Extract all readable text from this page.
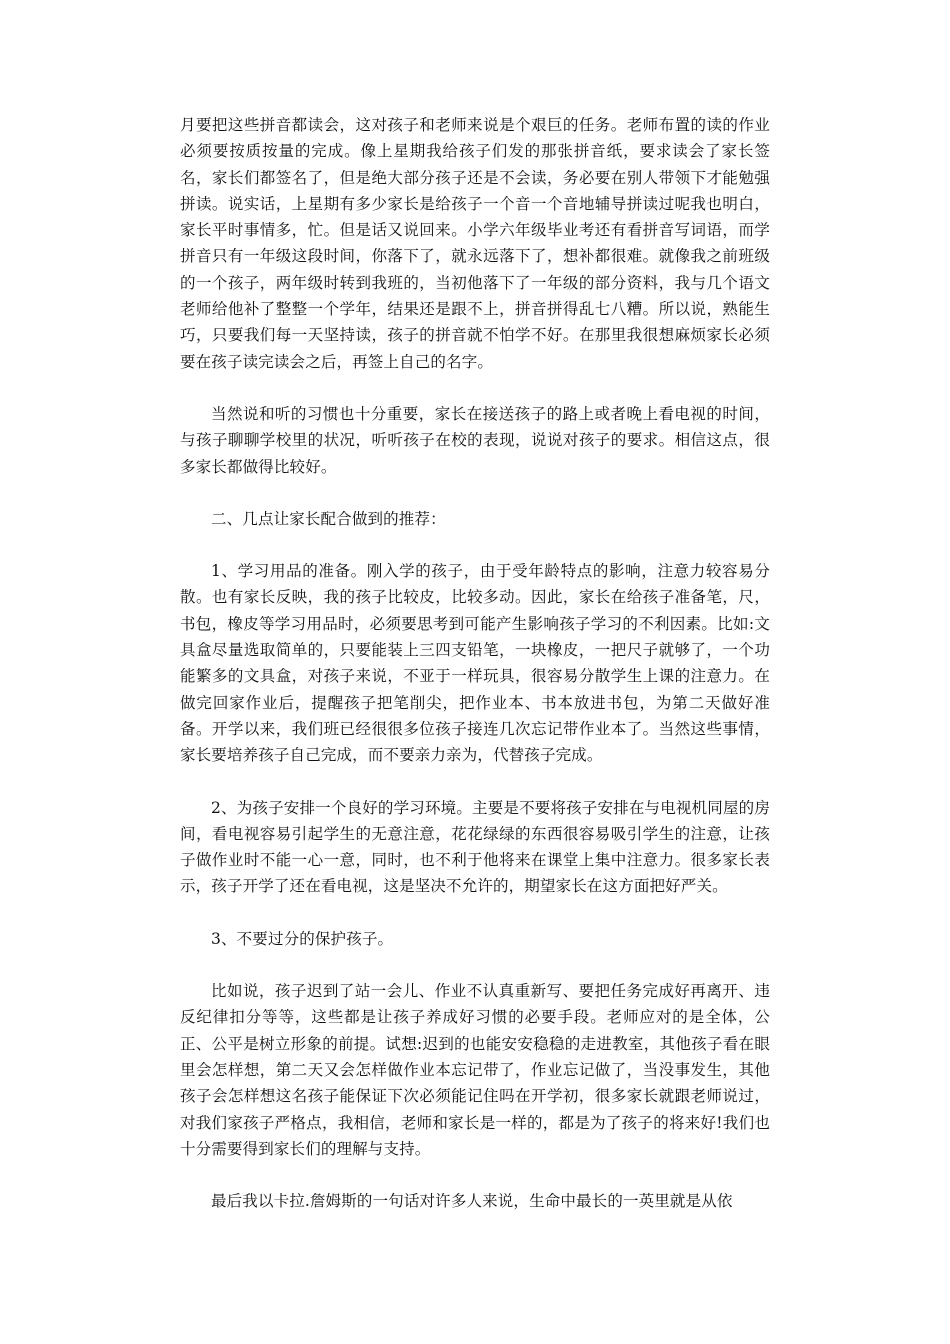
月要把这些拼音都读会，这对孩子和老师来说是个艰巨的任务。老师布置的读的作业必须要按质按量的完成。像上星期我给孩子们发的那张拼音纸，要求读会了家长签名，家长们都签名了，但是绝大部分孩子还是不会读，务必要在别人带领下才能勉强拼读。说实话，上星期有多少家长是给孩子一个音一个音地辅导拼读过呢我也明白，家长平时事情多，忙。但是话又说回来。小学六年级毕业考还有看拼音写词语，而学拼音只有一年级这段时间，你落下了，就永远落下了，想补都很难。就像我之前班级的一个孩子，两年级时转到我班的，当初他落下了一年级的部分资料，我与几个语文老师给他补了整整一个学年，结果还是跟不上，拼音拼得乱七八糟。所以说，熟能生巧，只要我们每一天坚持读，孩子的拼音就不怕学不好。在那里我很想麻烦家长必须要在孩子读完读会之后，再签上自己的名字。

当然说和听的习惯也十分重要，家长在接送孩子的路上或者晚上看电视的时间，与孩子聊聊学校里的状况，听听孩子在校的表现，说说对孩子的要求。相信这点，很多家长都做得比较好。

二、几点让家长配合做到的推荐：

1、学习用品的准备。刚入学的孩子，由于受年龄特点的影响，注意力较容易分散。也有家长反映，我的孩子比较皮，比较多动。因此，家长在给孩子准备笔，尺，书包，橡皮等学习用品时，必须要思考到可能产生影响孩子学习的不利因素。比如:文具盒尽量选取简单的，只要能装上三四支铅笔，一块橡皮，一把尺子就够了，一个功能繁多的文具盒，对孩子来说，不亚于一样玩具，很容易分散学生上课的注意力。在做完回家作业后，提醒孩子把笔削尖，把作业本、书本放进书包，为第二天做好准备。开学以来，我们班已经很很多位孩子接连几次忘记带作业本了。当然这些事情，家长要培养孩子自己完成，而不要亲力亲为，代替孩子完成。

2、为孩子安排一个良好的学习环境。主要是不要将孩子安排在与电视机同屋的房间，看电视容易引起学生的无意注意，花花绿绿的东西很容易吸引学生的注意，让孩子做作业时不能一心一意，同时，也不利于他将来在课堂上集中注意力。很多家长表示，孩子开学了还在看电视，这是坚决不允许的，期望家长在这方面把好严关。

3、不要过分的保护孩子。

比如说，孩子迟到了站一会儿、作业不认真重新写、要把任务完成好再离开、违反纪律扣分等等，这些都是让孩子养成好习惯的必要手段。老师应对的是全体，公正、公平是树立形象的前提。试想:迟到的也能安安稳稳的走进教室，其他孩子看在眼里会怎样想，第二天又会怎样做作业本忘记带了，作业忘记做了，当没事发生，其他孩子会怎样想这名孩子能保证下次必须能记住吗在开学初，很多家长就跟老师说过，对我们家孩子严格点，我相信，老师和家长是一样的，都是为了孩子的将来好!我们也十分需要得到家长们的理解与支持。

最后我以卡拉.詹姆斯的一句话对许多人来说，生命中最长的一英里就是从依
